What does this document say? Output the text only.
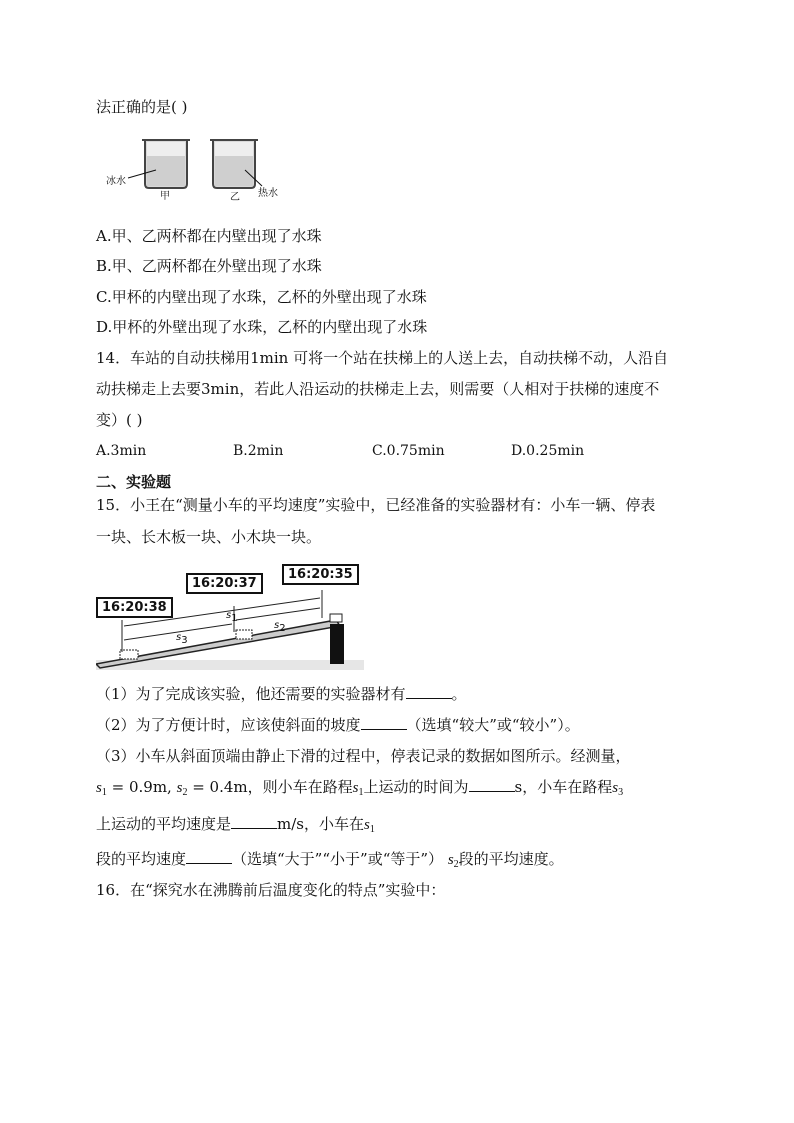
法正确的是( )
冰水
甲	乙 热水
A.甲、乙两杯都在内壁出现了水珠
B.甲、乙两杯都在外壁出现了水珠
C.甲杯的内壁出现了水珠，乙杯的外壁出现了水珠
D.甲杯的外壁出现了水珠，乙杯的内壁出现了水珠
14．车站的自动扶梯用1min 可将一个站在扶梯上的人送上去，自动扶梯不动，人沿自
动扶梯走上去要3min，若此人沿运动的扶梯走上去，则需要（人相对于扶梯的速度不
变）( )
A.3min	B.2min	C.0.75min	D.0.25min
二、实验题
15．小王在“测量小车的平均速度”实验中，已经准备的实验器材有：小车一辆、停表
一块、长木板一块、小木块一块。
16:20:38
16:20:37
16:20:35
s1
s2
s3
（1）为了完成该实验，他还需要的实验器材有	。
（2）为了方便计时，应该使斜面的坡度	（选填“较大”或“较小”）。
（3）小车从斜面顶端由静止下滑的过程中，停表记录的数据如图所示。经测量，
$s_1 = 0.9m$, $s_2 = 0.4m$，则小车在路程$s_1$上运动的时间为	s，小车在路程$s_3$
上运动的平均速度是	m/s，小车在$s_1$
段的平均速度	（选填“大于”“小于”或“等于”） $s_2$段的平均速度。
16．在“探究水在沸腾前后温度变化的特点”实验中：
